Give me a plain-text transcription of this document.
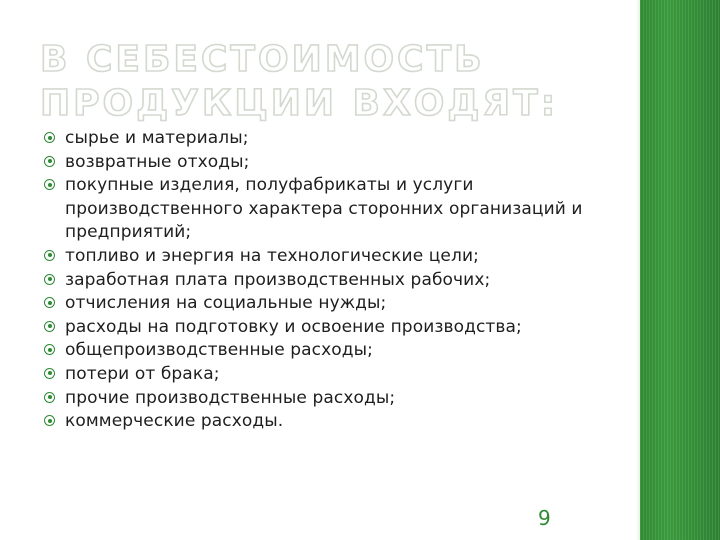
В СЕБЕСТОИМОСТЬ ПРОДУКЦИИ ВХОДЯТ:
сырье и материалы;
возвратные отходы;
покупные изделия, полуфабрикаты и услуги производственного характера сторонних организаций и предприятий;
топливо и энергия на технологические цели;
заработная плата производственных рабочих;
отчисления на социальные нужды;
расходы на подготовку и освоение производства;
общепроизводственные расходы;
потери от брака;
прочие производственные расходы;
коммерческие расходы.
9
